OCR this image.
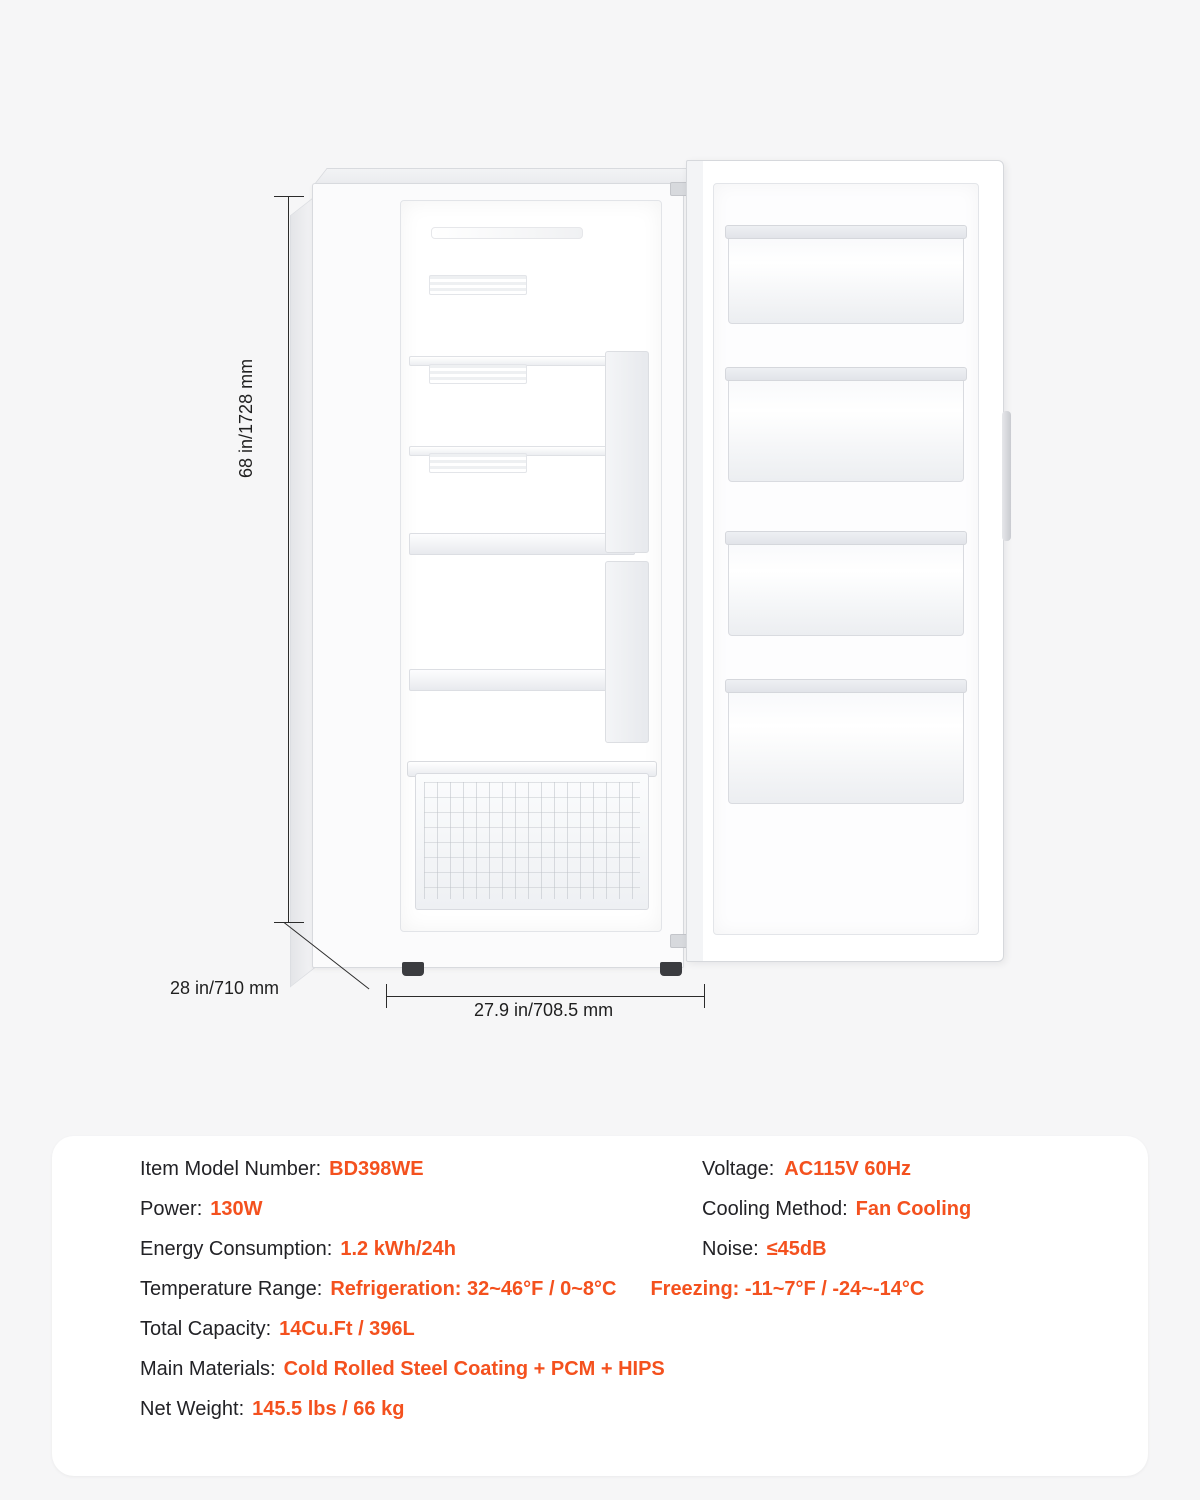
68 in/1728 mm
27.9 in/708.5 mm
28 in/710 mm
Item Model Number: BD398WE	Voltage: AC115V 60Hz
Power: 130W	Cooling Method: Fan Cooling
Energy Consumption: 1.2 kWh/24h	Noise: ≤45dB
Temperature Range: Refrigeration: 32~46°F / 0~8°C Freezing: -11~7°F / -24~-14°C
Total Capacity: 14Cu.Ft / 396L
Main Materials: Cold Rolled Steel Coating + PCM + HIPS
Net Weight: 145.5 lbs / 66 kg
